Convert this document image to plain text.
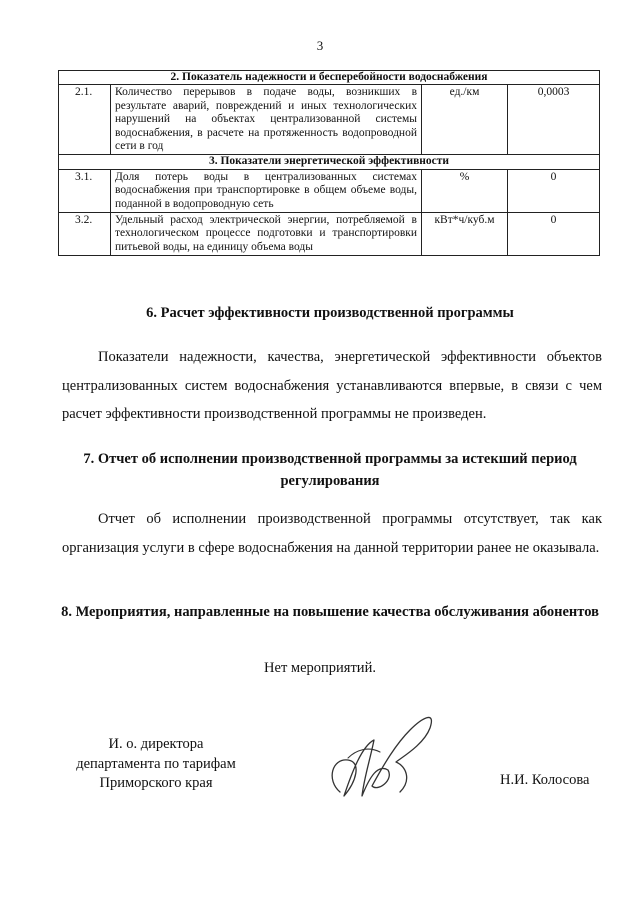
3
2. Показатель надежности и бесперебойности водоснабжения			
2.1.	Количество перерывов в подаче воды, возникших в результате аварий, повреждений и иных технологических нарушений на объектах централизованной системы водоснабжения, в расчете на протяженность водопроводной сети в год	ед./км	0,0003
3. Показатели энергетической эффективности			
3.1.	Доля потерь воды в централизованных системах водоснабжения при транспортировке в общем объеме воды, поданной в водопроводную сеть	%	0
3.2.	Удельный расход электрической энергии, потребляемой в технологическом процессе подготовки и транспортировки питьевой воды, на единицу объема воды	кВт*ч/куб.м	0
6. Расчет эффективности производственной программы
Показатели надежности, качества, энергетической эффективности объектов централизованных систем водоснабжения устанавливаются впервые, в связи с чем расчет эффективности производственной программы не произведен.
7. Отчет об исполнении производственной программы за истекший период регулирования
Отчет об исполнении производственной программы отсутствует, так как организация услуги в сфере водоснабжения на данной территории ранее не оказывала.
8. Мероприятия, направленные на повышение качества обслуживания абонентов
Нет мероприятий.
И. о. директора
департамента по тарифам
Приморского края	Н.И. Колосова
